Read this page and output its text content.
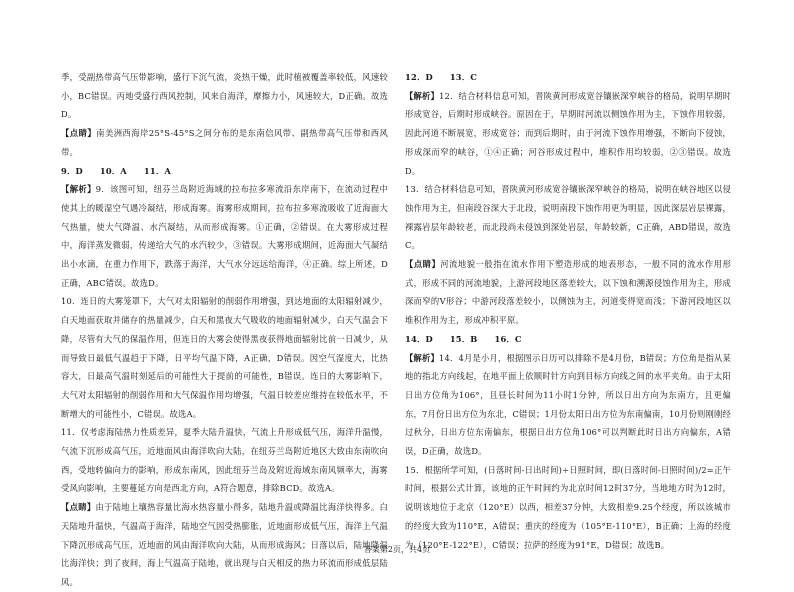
季，受副热带高气压带影响，盛行下沉气流，炎热干燥，此时植被覆盖率较低，风速较小，BC错误。丙地受盛行西风控制，风来自海洋，摩擦力小，风速较大，D正确。故选D。

【点睛】南美洲西海岸25°S-45°S之间分布的是东南信风带、副热带高气压带和西风带。

9．D　　10．A　　11．A

【解析】9．该图可知，纽芬兰岛附近海域的拉布拉多寒流沿东岸南下，在流动过程中使其上的暖湿空气遇冷凝结，形成海雾。海雾形成期间，拉布拉多寒流吸收了近海面大气热量，使大气降温、水汽凝结，从而形成海雾。①正确，②错误。在大雾形成过程中，海洋蒸发微弱，传递给大气的水汽较少，③错误。大雾形成期间，近海面大气凝结出小水滴，在重力作用下，跌落于海洋，大气水分远远给海洋，④正确。综上所述，D正确，ABC错误。故选D。

10．连日的大雾笼罩下，大气对太阳辐射的削弱作用增强，到达地面的太阳辐射减少，白天地面获取并储存的热量减少，白天和黑夜大气吸收的地面辐射减少，白天气温会下降，尽管有大气的保温作用，但连日的大雾会使得黑夜获得地面辐射比前一日减少，从而导致日最低气温趋于下降，日平均气温下降，A正确，D错误。因空气湿度大，比热容大，日最高气温时刻延后的可能性大于提前的可能性，B错误。连日的大雾影响下，大气对太阳辐射的削弱作用和大气保温作用均增强，气温日较差应维持在较低水平，不断增大的可能性小，C错误。故选A。

11．仅考虑海陆热力性质差异，夏季大陆升温快，气流上升形成低气压，海洋升温慢，气流下沉形成高气压，近地面风由海洋吹向大陆，在纽芬兰岛附近地区大致由东南吹向西，受地转偏向力的影响，形成东南风，因此纽芬兰岛及附近海域东南风频率大，海雾受风向影响，主要蔓延方向是西北方向，A符合题意，排除BCD。故选A。

【点睛】由于陆地上壤热容量比海水热容量小得多，陆地升温或降温比海洋快得多。白天陆地升温快，气温高于海洋，陆地空气因受热膨胀，近地面形成低气压，海洋上气温下降沉形成高气压，近地面的风由海洋吹向大陆，从而形成海风；日落以后，陆地降温比海洋快；到了夜间，海上气温高于陆地，就出现与白天相反的热力环流而形成低层陆风。

12．D　　13．C

【解析】12．结合材料信息可知，晋陕黄河形成宽谷镶嵌深窄峡谷的格局，说明早期时形成宽谷，后期时形成峡谷。原因在于，早期时河流以侧蚀作用为主，下蚀作用较弱，因此河道不断展宽，形成宽谷；而到后期时，由于河流下蚀作用增强，不断向下侵蚀，形成深而窄的峡谷，①④正确；河谷形成过程中，堆积作用均较弱，②③错误。故选D。

13．结合材料信息可知，晋陕黄河形成宽谷镶嵌深窄峡谷的格局，说明在峡谷地区以侵蚀作用为主，但南段谷深大于北段，说明南段下蚀作用更为明显，因此深层岩层裸露，裸露岩层年龄较老，而北段尚未侵蚀到深处岩层，年龄较新，C正确，ABD错误，故选C。

【点睛】河流地貌一般指在流水作用下塑造形成的地表形态，一般不同的流水作用形式，形成不同的河流地貌，上游河段地区落差较大，以下蚀和溯源侵蚀作用为主，形成深而窄的V形谷；中游河段落差较小，以侧蚀为主，河道变得宽而浅；下游河段地区以堆积作用为主，形成冲积平原。

14．D　　15．B　　16．C

【解析】14．4月是小月，根据图示日历可以排除不是4月份，B错误；方位角是指从某地的指北方向线起，在地平面上依顺时针方向到目标方向线之间的水平夹角。由于太阳日出方位角为106°，且昼长时间为11小时1分钟，所以日出方向为东南方，且更偏东，7月份日出方位为东北，C错误；1月份太阳日出方位为东南偏南，10月份则刚刚经过秋分，日出方位东南偏东，根据日出方位角106°可以判断此时日出方向偏东，A错误，D正确，故选D。

15．根据所学可知，(日落时间-日出时间)÷日照时间，即(日落时间-日照时间)/2=正午时间，根据公式计算，该地的正午时间约为北京时间12时37分，当地地方时为12时，说明该地位于北京（120°E）以西，相差37分钟，大致相差9.25个经度，所以该城市的经度大致为110°E，A错误；重庆的经度为（105°E-110°E），B正确；上海的经度为（120°E-122°E），C错误；拉萨的经度为91°E，D错误；故选B。

答案第2页，共4页
